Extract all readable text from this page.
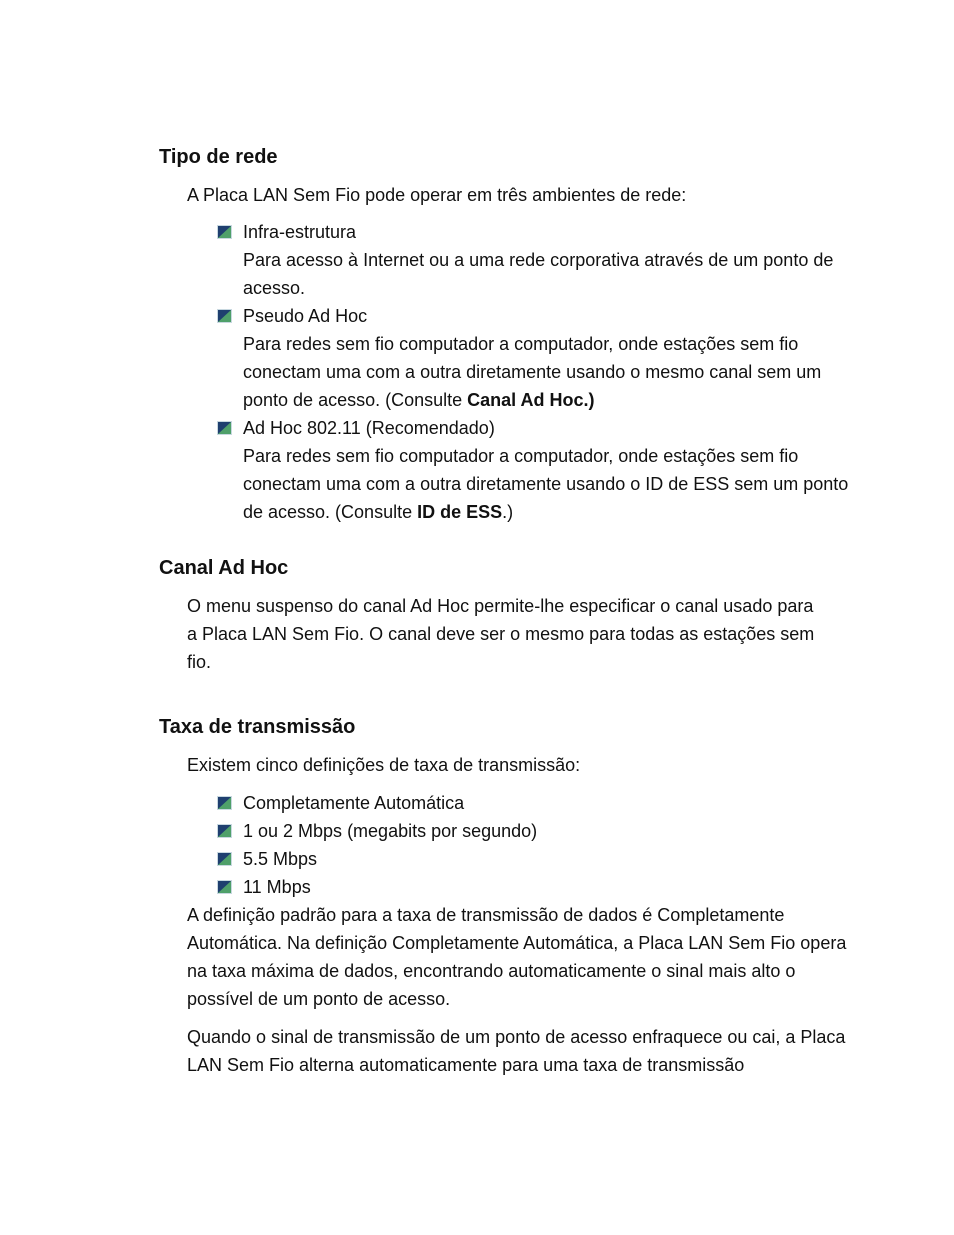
Tipo de rede

A Placa LAN Sem Fio pode operar em três ambientes de rede:

Infra-estrutura
Para acesso à Internet ou a uma rede corporativa através de um ponto de acesso.
Pseudo Ad Hoc
Para redes sem fio computador a computador, onde estações sem fio conectam uma com a outra diretamente usando o mesmo canal sem um ponto de acesso. (Consulte Canal Ad Hoc.)
Ad Hoc 802.11 (Recomendado)
Para redes sem fio computador a computador, onde estações sem fio conectam uma com a outra diretamente usando o ID de ESS sem um ponto de acesso. (Consulte ID de ESS.)
Canal Ad Hoc

O menu suspenso do canal Ad Hoc permite-lhe especificar o canal usado para a Placa LAN Sem Fio. O canal deve ser o mesmo para todas as estações sem fio.

Taxa de transmissão

Existem cinco definições de taxa de transmissão:

Completamente Automática
1 ou 2 Mbps (megabits por segundo)
5.5 Mbps
11 Mbps

A definição padrão para a taxa de transmissão de dados é Completamente Automática. Na definição Completamente Automática, a Placa LAN Sem Fio opera na taxa máxima de dados, encontrando automaticamente o sinal mais alto o possível de um ponto de acesso.

Quando o sinal de transmissão de um ponto de acesso enfraquece ou cai, a Placa LAN Sem Fio alterna automaticamente para uma taxa de transmissão
